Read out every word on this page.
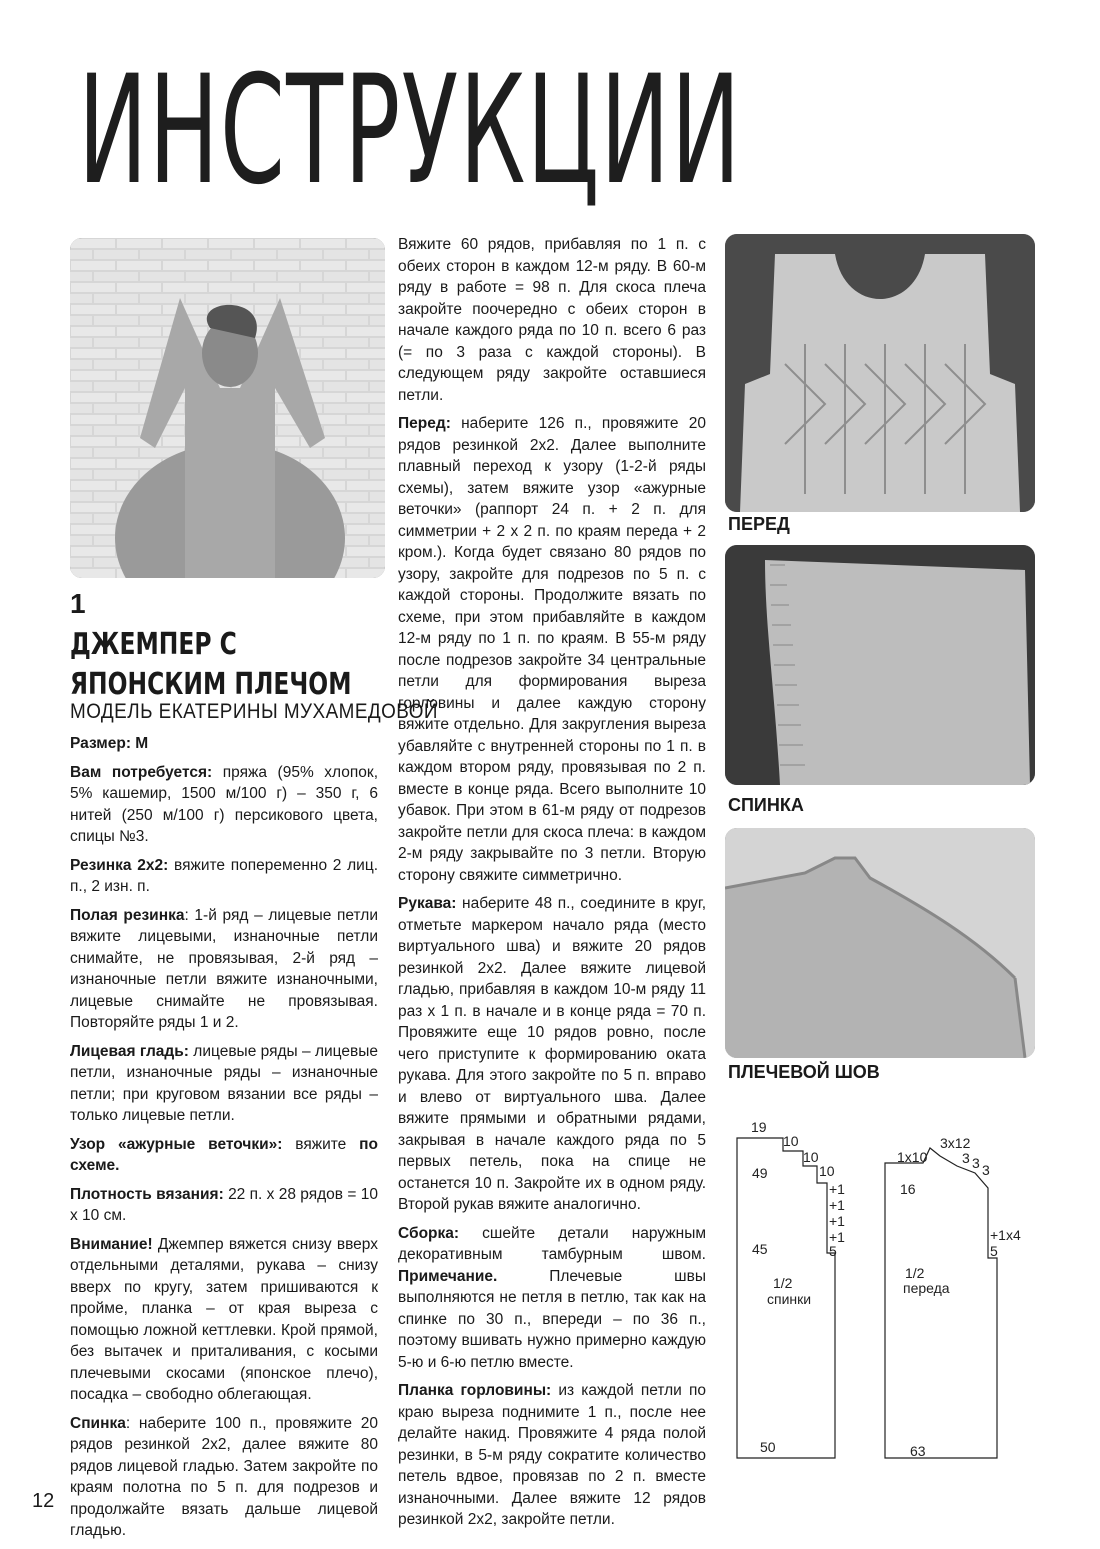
ИНСТРУКЦИИ
1
ДЖЕМПЕР С ЯПОНСКИМ ПЛЕЧОМ
МОДЕЛЬ ЕКАТЕРИНЫ МУХАМЕДОВОЙ

Размер: М

Вам потребуется: пряжа (95% хлопок, 5% кашемир, 1500 м/100 г) – 350 г, 6 нитей (250 м/100 г) персикового цвета, спицы №3.

Резинка 2х2: вяжите попеременно 2 лиц. п., 2 изн. п.

Полая резинка: 1-й ряд – лицевые петли вяжите лицевыми, изнаночные петли снимайте, не провязывая, 2-й ряд – изнаночные петли вяжите изнаночными, лицевые снимайте не провязывая. Повторяйте ряды 1 и 2.

Лицевая гладь: лицевые ряды – лицевые петли, изнаночные ряды – изнаночные петли; при круговом вязании все ряды – только лицевые петли.

Узор «ажурные веточки»: вяжите по схеме.

Плотность вязания: 22 п. х 28 рядов = 10 х 10 см.

Внимание! Джемпер вяжется снизу вверх отдельными деталями, рукава – снизу вверх по кругу, затем пришиваются к пройме, планка – от края выреза с помощью ложной кеттлевки. Крой прямой, без вытачек и приталивания, с косыми плечевыми скосами (японское плечо), посадка – свободно облегающая.

Спинка: наберите 100 п., провяжите 20 рядов резинкой 2х2, далее вяжите 80 рядов лицевой гладью. Затем закройте по краям полотна по 5 п. для подрезов и продолжайте вязать дальше лицевой гладью.

Вяжите 60 рядов, прибавляя по 1 п. с обеих сторон в каждом 12-м ряду. В 60-м ряду в работе = 98 п. Для скоса плеча закройте поочередно с обеих сторон в начале каждого ряда по 10 п. всего 6 раз (= по 3 раза с каждой стороны). В следующем ряду закройте оставшиеся петли.

Перед: наберите 126 п., провяжите 20 рядов резинкой 2х2. Далее выполните плавный переход к узору (1-2-й ряды схемы), затем вяжите узор «ажурные веточки» (раппорт 24 п. + 2 п. для симметрии + 2 х 2 п. по краям переда + 2 кром.). Когда будет связано 80 рядов по узору, закройте для подрезов по 5 п. с каждой стороны. Продолжите вязать по схеме, при этом прибавляйте в каждом 12-м ряду по 1 п. по краям. В 55-м ряду после подрезов закройте 34 центральные петли для формирования выреза горловины и далее каждую сторону вяжите отдельно. Для закругления выреза убавляйте с внутренней стороны по 1 п. в каждом втором ряду, провязывая по 2 п. вместе в конце ряда. Всего выполните 10 убавок. При этом в 61-м ряду от подрезов закройте петли для скоса плеча: в каждом 2-м ряду закрывайте по 3 петли. Вторую сторону свяжите симметрично.

Рукава: наберите 48 п., соедините в круг, отметьте маркером начало ряда (место виртуального шва) и вяжите 20 рядов резинкой 2х2. Далее вяжите лицевой гладью, прибавляя в каждом 10-м ряду 11 раз х 1 п. в начале и в конце ряда = 70 п. Провяжите еще 10 рядов ровно, после чего приступите к формированию оката рукава. Для этого закройте по 5 п. вправо и влево от виртуального шва. Далее вяжите прямыми и обратными рядами, закрывая в начале каждого ряда по 5 первых петель, пока на спице не останется 10 п. Закройте их в одном ряду. Второй рукав вяжите аналогично.

Сборка: сшейте детали наружным декоративным тамбурным швом. Примечание.	Плечевые швы выполняются не петля в петлю, так как на спинке по 30 п., впереди – по 36 п., поэтому вшивать нужно примерно каждую 5-ю и 6-ю петлю вместе.

Планка горловины: из каждой петли по краю выреза поднимите 1 п., после нее делайте накид. Провяжите 4 ряда полой резинки, в 5-м ряду сократите количество петель вдвое, провязав по 2 п. вместе изнаночными. Далее вяжите 12 рядов резинкой 2х2, закройте петли.

ПЕРЕД
СПИНКА
ПЛЕЧЕВОЙ ШОВ
19
10
10
10
49
+1
+1
+1
+1
5
45
1/2
спинки
50
1х10
3х12
3 3 3
16
+1х4
5
1/2
переда
63
12
